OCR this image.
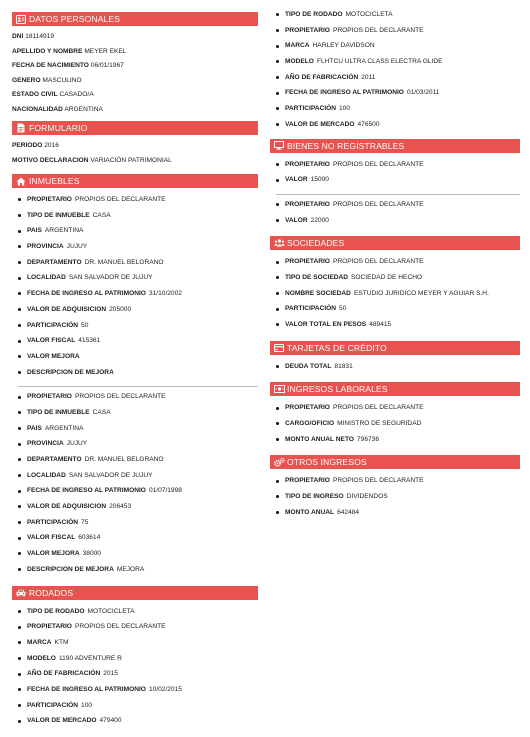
DATOS PERSONALES
DNI 18114919
APELLIDO Y NOMBRE MEYER EKEL
FECHA DE NACIMIENTO 06/01/1967
GENERO MASCULINO
ESTADO CIVIL CASADO/A
NACIONALIDAD ARGENTINA
FORMULARIO
PERIODO 2016
MOTIVO DECLARACION VARIACIÓN PATRIMONIAL
INMUEBLES
PROPIETARIO PROPIOS DEL DECLARANTE
TIPO DE INMUEBLE CASA
PAIS ARGENTINA
PROVINCIA JUJUY
DEPARTAMENTO DR. MANUEL BELGRANO
LOCALIDAD SAN SALVADOR DE JUJUY
FECHA DE INGRESO AL PATRIMONIO 31/10/2002
VALOR DE ADQUISICION 205000
PARTICIPACIÓN 50
VALOR FISCAL 415361
VALOR MEJORA
DESCRIPCION DE MEJORA
PROPIETARIO PROPIOS DEL DECLARANTE
TIPO DE INMUEBLE CASA
PAIS ARGENTINA
PROVINCIA JUJUY
DEPARTAMENTO DR. MANUEL BELGRANO
LOCALIDAD SAN SALVADOR DE JUJUY
FECHA DE INGRESO AL PATRIMONIO 01/07/1998
VALOR DE ADQUISICION 206453
PARTICIPACIÓN 75
VALOR FISCAL 603614
VALOR MEJORA 38000
DESCRIPCION DE MEJORA MEJORA
RODADOS
TIPO DE RODADO MOTOCICLETA
PROPIETARIO PROPIOS DEL DECLARANTE
MARCA KTM
MODELO 1190 ADVENTURE R
AÑO DE FABRICACIÓN 2015
FECHA DE INGRESO AL PATRIMONIO 10/02/2015
PARTICIPACIÓN 100
VALOR DE MERCADO 479400
TIPO DE RODADO MOTOCICLETA
PROPIETARIO PROPIOS DEL DECLARANTE
MARCA HARLEY DAVIDSON
MODELO FLHTCU ULTRA CLASS ELECTRA GLIDE
AÑO DE FABRICACIÓN 2011
FECHA DE INGRESO AL PATRIMONIO 01/03/2011
PARTICIPACIÓN 100
VALOR DE MERCADO 476500
BIENES NO REGISTRABLES
PROPIETARIO PROPIOS DEL DECLARANTE
VALOR 15000
PROPIETARIO PROPIOS DEL DECLARANTE
VALOR 22000
SOCIEDADES
PROPIETARIO PROPIOS DEL DECLARANTE
TIPO DE SOCIEDAD SOCIEDAD DE HECHO
NOMBRE SOCIEDAD ESTUDIO JURIDICO MEYER Y AGUIAR S.H.
PARTICIPACIÓN 50
VALOR TOTAL EN PESOS 489415
TARJETAS DE CRÉDITO
DEUDA TOTAL 81831
INGRESOS LABORALES
PROPIETARIO PROPIOS DEL DECLARANTE
CARGO/OFICIO MINISTRO DE SEGURIDAD
MONTO ANUAL NETO 796736
OTROS INGRESOS
PROPIETARIO PROPIOS DEL DECLARANTE
TIPO DE INGRESO DIVIDENDOS
MONTO ANUAL 642484
